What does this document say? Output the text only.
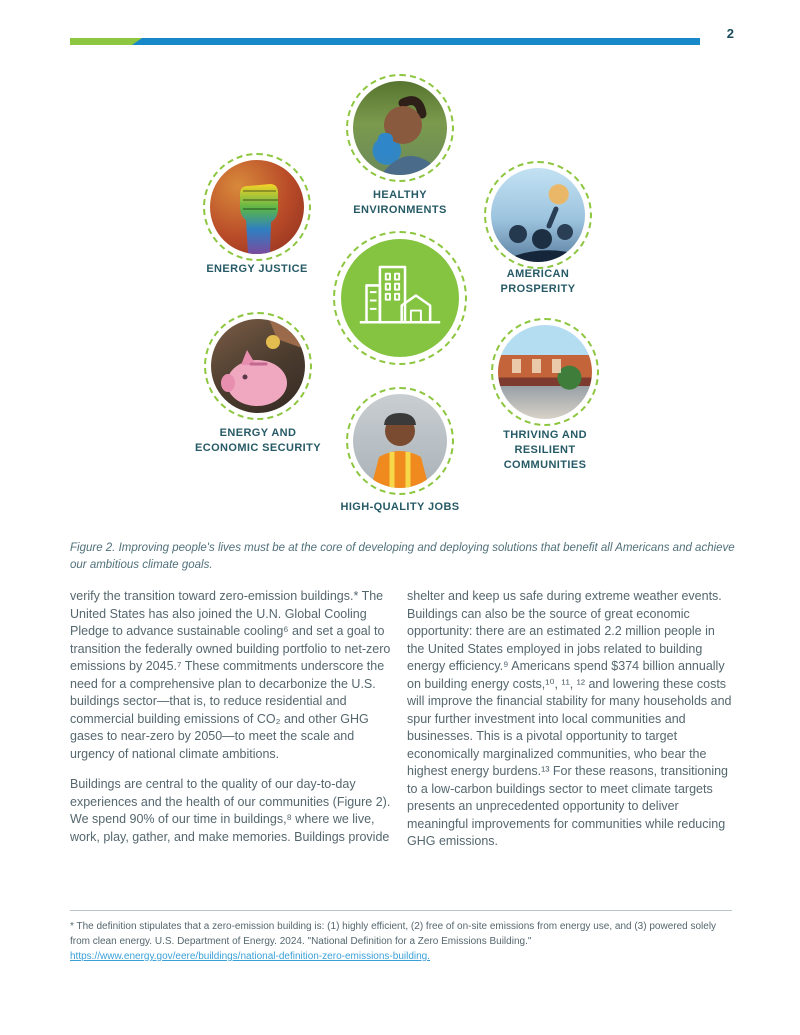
2
HEALTHY ENVIRONMENTS
ENERGY JUSTICE	AMERICAN PROSPERITY
ENERGY AND ECONOMIC SECURITY
THRIVING AND RESILIENT COMMUNITIES
HIGH-QUALITY JOBS

Figure 2. Improving people's lives must be at the core of developing and deploying solutions that benefit all Americans and achieve our ambitious climate goals.

verify the transition toward zero-emission buildings.* The United States has also joined the U.N. Global Cooling Pledge to advance sustainable cooling⁶ and set a goal to transition the federally owned building portfolio to net-zero emissions by 2045.⁷ These commitments underscore the need for a comprehensive plan to decarbonize the U.S. buildings sector—that is, to reduce residential and commercial building emissions of CO₂ and other GHG gases to near-zero by 2050—to meet the scale and urgency of national climate ambitions.

Buildings are central to the quality of our day-to-day experiences and the health of our communities (Figure 2). We spend 90% of our time in buildings,⁸ where we live, work, play, gather, and make memories. Buildings provide

shelter and keep us safe during extreme weather events. Buildings can also be the source of great economic opportunity: there are an estimated 2.2 million people in the United States employed in jobs related to building energy efficiency.⁹ Americans spend $374 billion annually on building energy costs,¹⁰, ¹¹, ¹² and lowering these costs will improve the financial stability for many households and spur further investment into local communities and businesses. This is a pivotal opportunity to target economically marginalized communities, who bear the highest energy burdens.¹³ For these reasons, transitioning to a low-carbon buildings sector to meet climate targets presents an unprecedented opportunity to deliver meaningful improvements for communities while reducing GHG emissions.

* The definition stipulates that a zero-emission building is: (1) highly efficient, (2) free of on-site emissions from energy use, and (3) powered solely from clean energy. U.S. Department of Energy. 2024. "National Definition for a Zero Emissions Building." https://www.energy.gov/eere/buildings/national-definition-zero-emissions-building.
